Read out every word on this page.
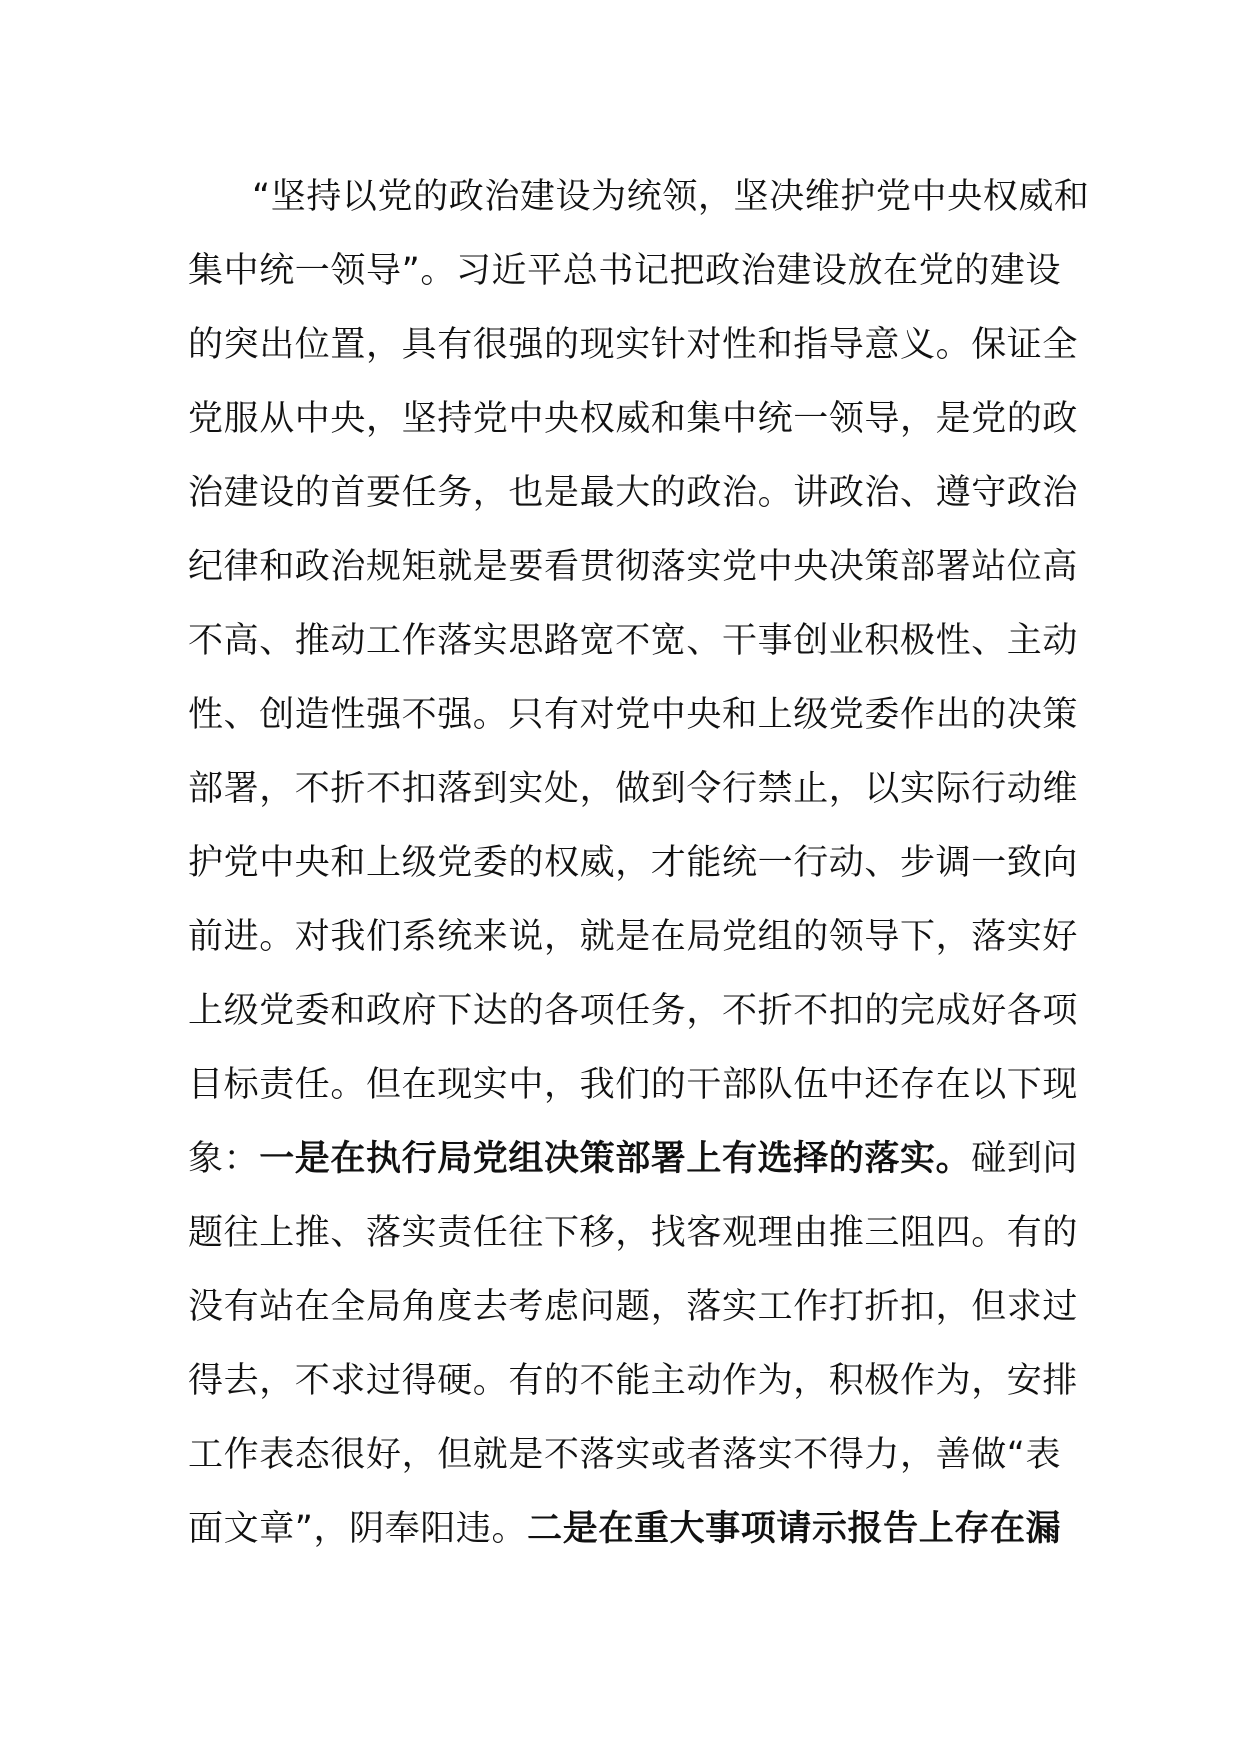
“坚持以党的政治建设为统领，坚决维护党中央权威和
集中统一领导”。习近平总书记把政治建设放在党的建设
的突出位置，具有很强的现实针对性和指导意义。保证全
党服从中央，坚持党中央权威和集中统一领导，是党的政
治建设的首要任务，也是最大的政治。讲政治、遵守政治
纪律和政治规矩就是要看贯彻落实党中央决策部署站位高
不高、推动工作落实思路宽不宽、干事创业积极性、主动
性、创造性强不强。只有对党中央和上级党委作出的决策
部署，不折不扣落到实处，做到令行禁止，以实际行动维
护党中央和上级党委的权威，才能统一行动、步调一致向
前进。对我们系统来说，就是在局党组的领导下，落实好
上级党委和政府下达的各项任务，不折不扣的完成好各项
目标责任。但在现实中，我们的干部队伍中还存在以下现
象：一是在执行局党组决策部署上有选择的落实。碰到问
题往上推、落实责任往下移，找客观理由推三阻四。有的
没有站在全局角度去考虑问题，落实工作打折扣，但求过
得去，不求过得硬。有的不能主动作为，积极作为，安排
工作表态很好，但就是不落实或者落实不得力，善做“表
面文章”，阴奉阳违。二是在重大事项请示报告上存在漏
